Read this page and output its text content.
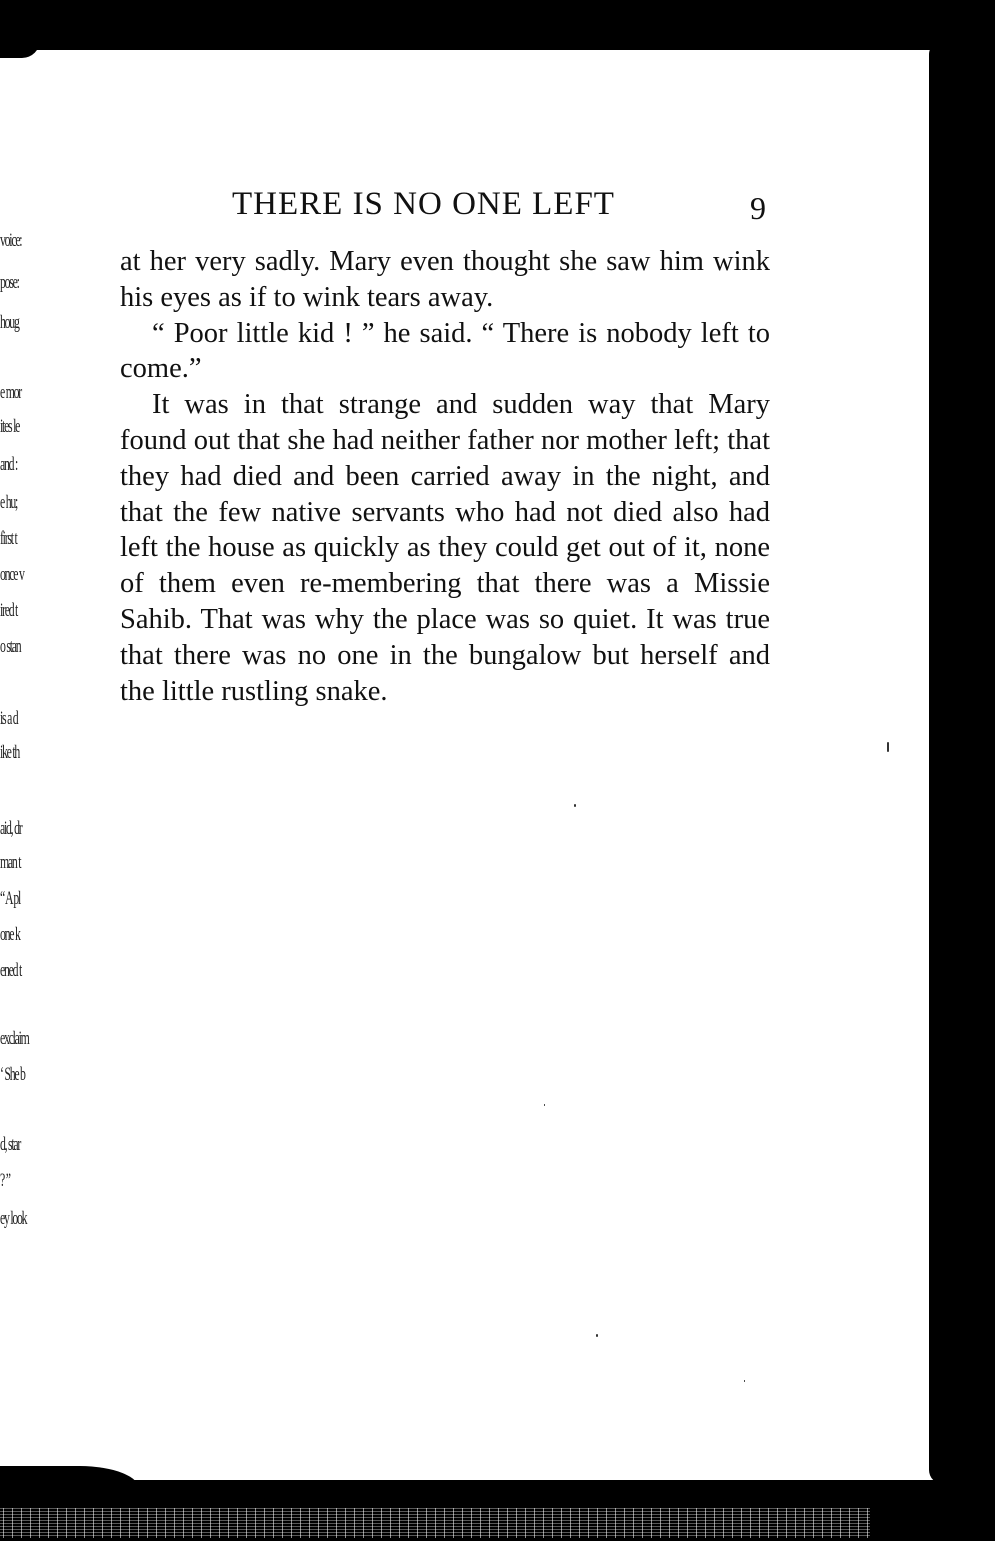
voice:
pose:
houg
e mor
ites le
and :
e hu;
first t
once v
ired t
o stan
is a d
ike th
aid, dr
man t
“ A pl
one k
ened t
exclaim
‘ She b
d, star
? ”
ey look
THERE IS NO ONE LEFT	9

at her very sadly. Mary even thought she saw him wink his eyes as if to wink tears away.

“ Poor little kid ! ” he said. “ There is nobody left to come.”

It was in that strange and sudden way that Mary found out that she had neither father nor mother left; that they had died and been carried away in the night, and that the few native servants who had not died also had left the house as quickly as they could get out of it, none of them even re-membering that there was a Missie Sahib. That was why the place was so quiet. It was true that there was no one in the bungalow but herself and the little rustling snake.
